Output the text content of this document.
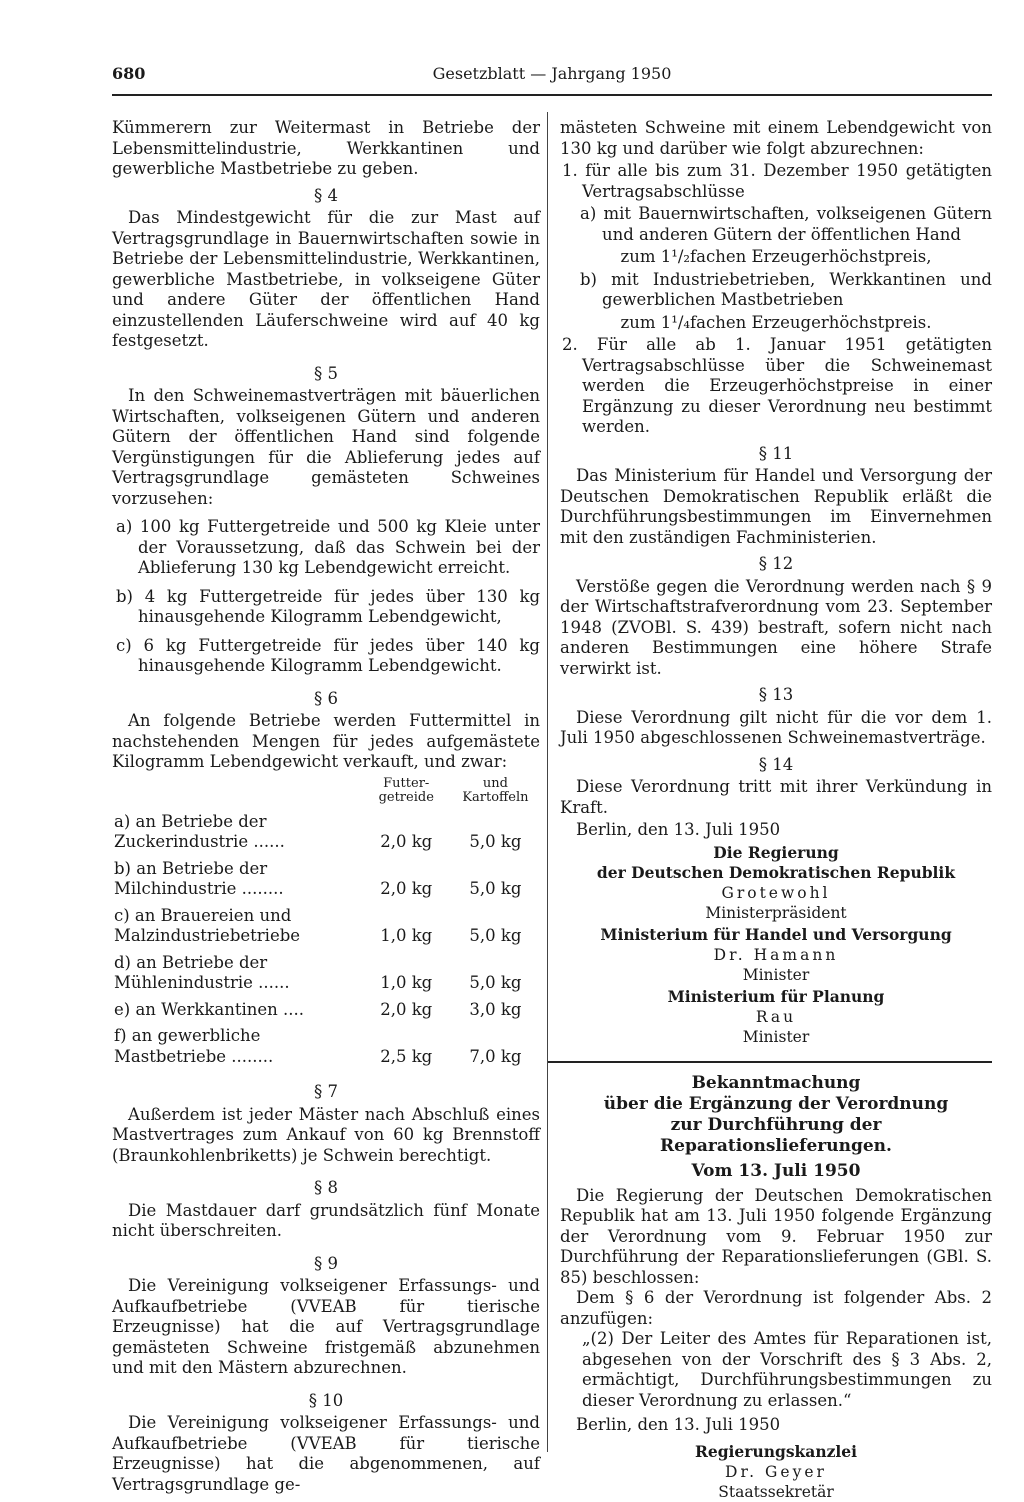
680	Gesetzblatt — Jahrgang 1950

Kümmerern zur Weitermast in Betriebe der Lebensmittelindustrie, Werkkantinen und gewerbliche Mastbetriebe zu geben.

§ 4

Das Mindestgewicht für die zur Mast auf Vertragsgrundlage in Bauernwirtschaften sowie in Betriebe der Lebensmittelindustrie, Werkkantinen, gewerbliche Mastbetriebe, in volkseigene Güter und andere Güter der öffentlichen Hand einzustellenden Läuferschweine wird auf 40 kg festgesetzt.

§ 5

In den Schweinemastverträgen mit bäuerlichen Wirtschaften, volkseigenen Gütern und anderen Gütern der öffentlichen Hand sind folgende Vergünstigungen für die Ablieferung jedes auf Vertragsgrundlage gemästeten Schweines vorzusehen:

a) 100 kg Futtergetreide und 500 kg Kleie unter der Voraussetzung, daß das Schwein bei der Ablieferung 130 kg Lebendgewicht erreicht.
b) 4 kg Futtergetreide für jedes über 130 kg hinausgehende Kilogramm Lebendgewicht,
c) 6 kg Futtergetreide für jedes über 140 kg hinausgehende Kilogramm Lebendgewicht.
§ 6

An folgende Betriebe werden Futtermittel in nachstehenden Mengen für jedes aufgemästete Kilogramm Lebendgewicht verkauft, und zwar:

	Futter-getreide	und Kartoffeln
a) an Betriebe der Zuckerindustrie ......	2,0 kg	5,0 kg
b) an Betriebe der Milchindustrie ........	2,0 kg	5,0 kg
c) an Brauereien und Malzindustriebetriebe	1,0 kg	5,0 kg
d) an Betriebe der Mühlenindustrie ......	1,0 kg	5,0 kg
e) an Werkkantinen ....	2,0 kg	3,0 kg
f) an gewerbliche Mastbetriebe ........	2,5 kg	7,0 kg
§ 7

Außerdem ist jeder Mäster nach Abschluß eines Mastvertrages zum Ankauf von 60 kg Brennstoff (Braunkohlenbriketts) je Schwein berechtigt.

§ 8

Die Mastdauer darf grundsätzlich fünf Monate nicht überschreiten.

§ 9

Die Vereinigung volkseigener Erfassungs- und Aufkaufbetriebe (VVEAB für tierische Erzeugnisse) hat die auf Vertragsgrundlage gemästeten Schweine fristgemäß abzunehmen und mit den Mästern abzurechnen.

§ 10

Die Vereinigung volkseigener Erfassungs- und Aufkaufbetriebe (VVEAB für tierische Erzeugnisse) hat die abgenommenen, auf Vertragsgrundlage ge-

mästeten Schweine mit einem Lebendgewicht von 130 kg und darüber wie folgt abzurechnen:

1. für alle bis zum 31. Dezember 1950 getätigten Vertragsabschlüsse
a) mit Bauernwirtschaften, volkseigenen Gütern und anderen Gütern der öffentlichen Hand
zum 1¹/₂fachen Erzeugerhöchstpreis,
b) mit Industriebetrieben, Werkkantinen und gewerblichen Mastbetrieben
zum 1¹/₄fachen Erzeugerhöchstpreis.
2. Für alle ab 1. Januar 1951 getätigten Vertragsabschlüsse über die Schweinemast werden die Erzeugerhöchstpreise in einer Ergänzung zu dieser Verordnung neu bestimmt werden.
§ 11

Das Ministerium für Handel und Versorgung der Deutschen Demokratischen Republik erläßt die Durchführungsbestimmungen im Einvernehmen mit den zuständigen Fachministerien.

§ 12

Verstöße gegen die Verordnung werden nach § 9 der Wirtschaftstrafverordnung vom 23. September 1948 (ZVOBl. S. 439) bestraft, sofern nicht nach anderen Bestimmungen eine höhere Strafe verwirkt ist.

§ 13

Diese Verordnung gilt nicht für die vor dem 1. Juli 1950 abgeschlossenen Schweinemastverträge.

§ 14

Diese Verordnung tritt mit ihrer Verkündung in Kraft.

Berlin, den 13. Juli 1950

Die Regierung
der Deutschen Demokratischen Republik
Grotewohl
Ministerpräsident
Ministerium für Handel und Versorgung
Dr. Hamann
Minister
Ministerium für Planung
Rau
Minister
Bekanntmachung
über die Ergänzung der Verordnung
zur Durchführung der Reparationslieferungen.
Vom 13. Juli 1950

Die Regierung der Deutschen Demokratischen Republik hat am 13. Juli 1950 folgende Ergänzung der Verordnung vom 9. Februar 1950 zur Durchführung der Reparationslieferungen (GBl. S. 85) beschlossen:

Dem § 6 der Verordnung ist folgender Abs. 2 anzufügen:

„(2) Der Leiter des Amtes für Reparationen ist, abgesehen von der Vorschrift des § 3 Abs. 2, ermächtigt, Durchführungsbestimmungen zu dieser Verordnung zu erlassen.“

Berlin, den 13. Juli 1950

Regierungskanzlei
Dr. Geyer
Staatssekretär
